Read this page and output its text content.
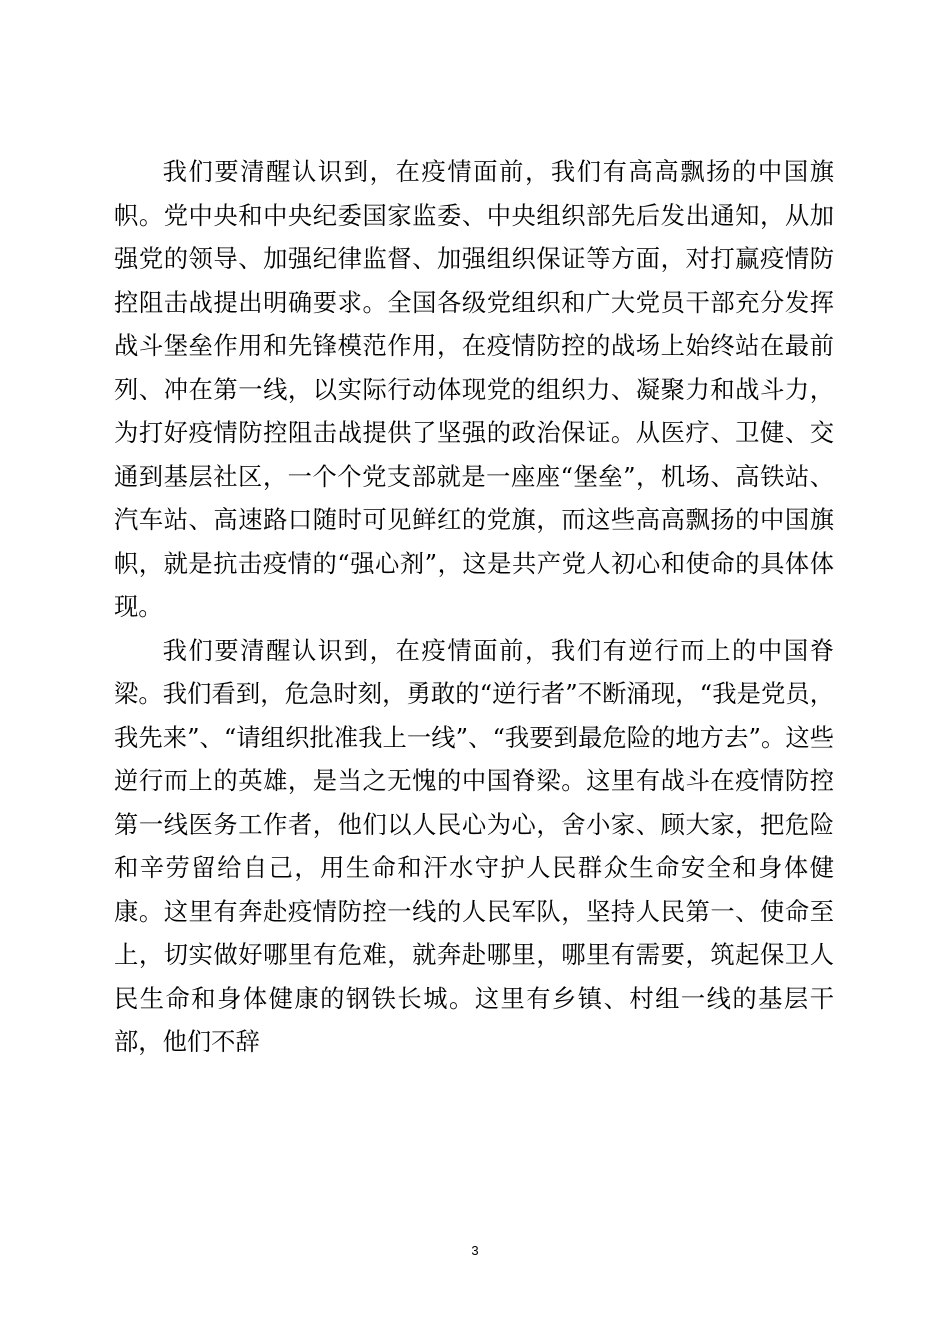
我们要清醒认识到，在疫情面前，我们有高高飘扬的中国旗帜。党中央和中央纪委国家监委、中央组织部先后发出通知，从加强党的领导、加强纪律监督、加强组织保证等方面，对打赢疫情防控阻击战提出明确要求。全国各级党组织和广大党员干部充分发挥战斗堡垒作用和先锋模范作用，在疫情防控的战场上始终站在最前列、冲在第一线，以实际行动体现党的组织力、凝聚力和战斗力，为打好疫情防控阻击战提供了坚强的政治保证。从医疗、卫健、交通到基层社区，一个个党支部就是一座座“堡垒”，机场、高铁站、汽车站、高速路口随时可见鲜红的党旗，而这些高高飘扬的中国旗帜，就是抗击疫情的“强心剂”，这是共产党人初心和使命的具体体现。

我们要清醒认识到，在疫情面前，我们有逆行而上的中国脊梁。我们看到，危急时刻，勇敢的“逆行者”不断涌现，“我是党员，我先来”、“请组织批准我上一线”、“我要到最危险的地方去”。这些逆行而上的英雄，是当之无愧的中国脊梁。这里有战斗在疫情防控第一线医务工作者，他们以人民心为心，舍小家、顾大家，把危险和辛劳留给自己，用生命和汗水守护人民群众生命安全和身体健康。这里有奔赴疫情防控一线的人民军队，坚持人民第一、使命至上，切实做好哪里有危难，就奔赴哪里，哪里有需要，筑起保卫人民生命和身体健康的钢铁长城。这里有乡镇、村组一线的基层干部，他们不辞

3
